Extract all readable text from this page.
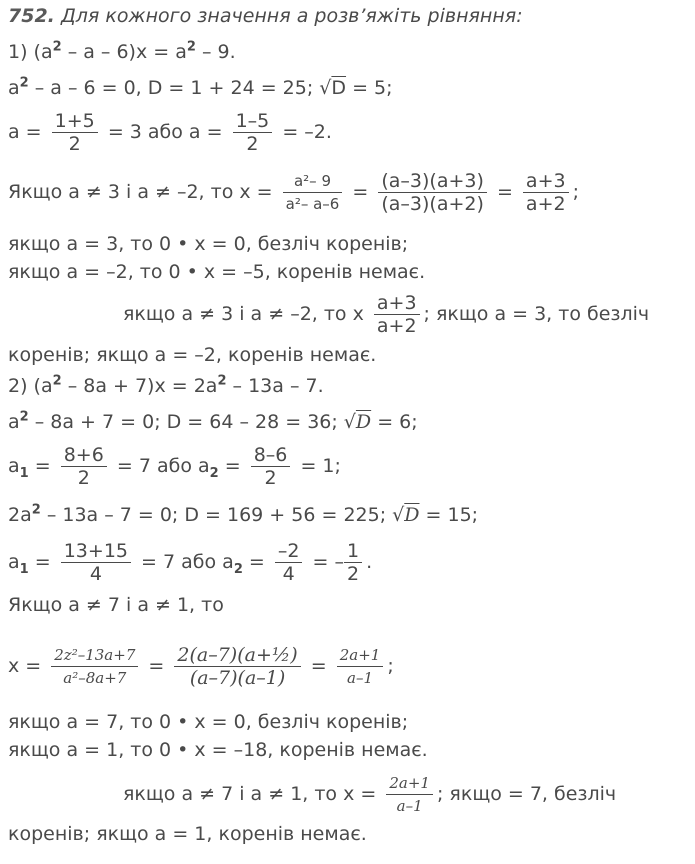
752. Для кожного значення а розв’яжіть рівняння:
1) $(а^2 - а - 6)х = а^2 - 9$.
$а^2 - а - 6 = 0$, D = 1 + 24 = 25; √D = 5;
$а = \frac{1+5}{2} = 3$ або $а = \frac{1-5}{2} = -2$.
Якщо а ≠ 3 і а ≠ –2, то $х = \frac{\text{a²– 9}}{\text{a²– a–6}} = \frac{(a-3)(a+3)}{(a-3)(a+2)} = \frac{a+3}{a+2}$ ;
якщо а = 3, то 0 • х = 0, безліч коренів;
якщо а = –2, то 0 • х = –5, коренів немає.
якщо а ≠ 3 і а ≠ –2, то х $\frac{a+3}{a+2}$ ; якщо а = 3, то безліч
коренів; якщо а = –2, коренів немає.
2) $(а^2 - 8а + 7)х = 2а^2 - 13а - 7$.
$а^2 - 8а + 7 = 0$; D = 64 – 28 = 36; √D = 6;
$а_1 = \frac{8+6}{2} = 7$ або $а_2 = \frac{8-6}{2} = 1$;
$2а^2 - 13а - 7 = 0$; D = 169 + 56 = 225; √D = 15;
$а_1 = \frac{13+15}{4} = 7$ або $а_2 = \frac{-2}{4}$ = – $\frac{1}{2}$ .
Якщо а ≠ 7 і а ≠ 1, то
$х = \frac{\text{2z²–13a+7}}{\text{a²–8a+7}} = \frac{\text{2(a–7)(a+½)}}{(a-7)(a-1)} = \frac{2a+1}{a-1}$ ;
якщо а = 7, то 0 • х = 0, безліч коренів;
якщо а = 1, то 0 • х = –18, коренів немає.
якщо а ≠ 7 і а ≠ 1, то $х = \frac{2a+1}{a-1}$ ; якщо = 7, безліч
коренів; якщо а = 1, коренів немає.
